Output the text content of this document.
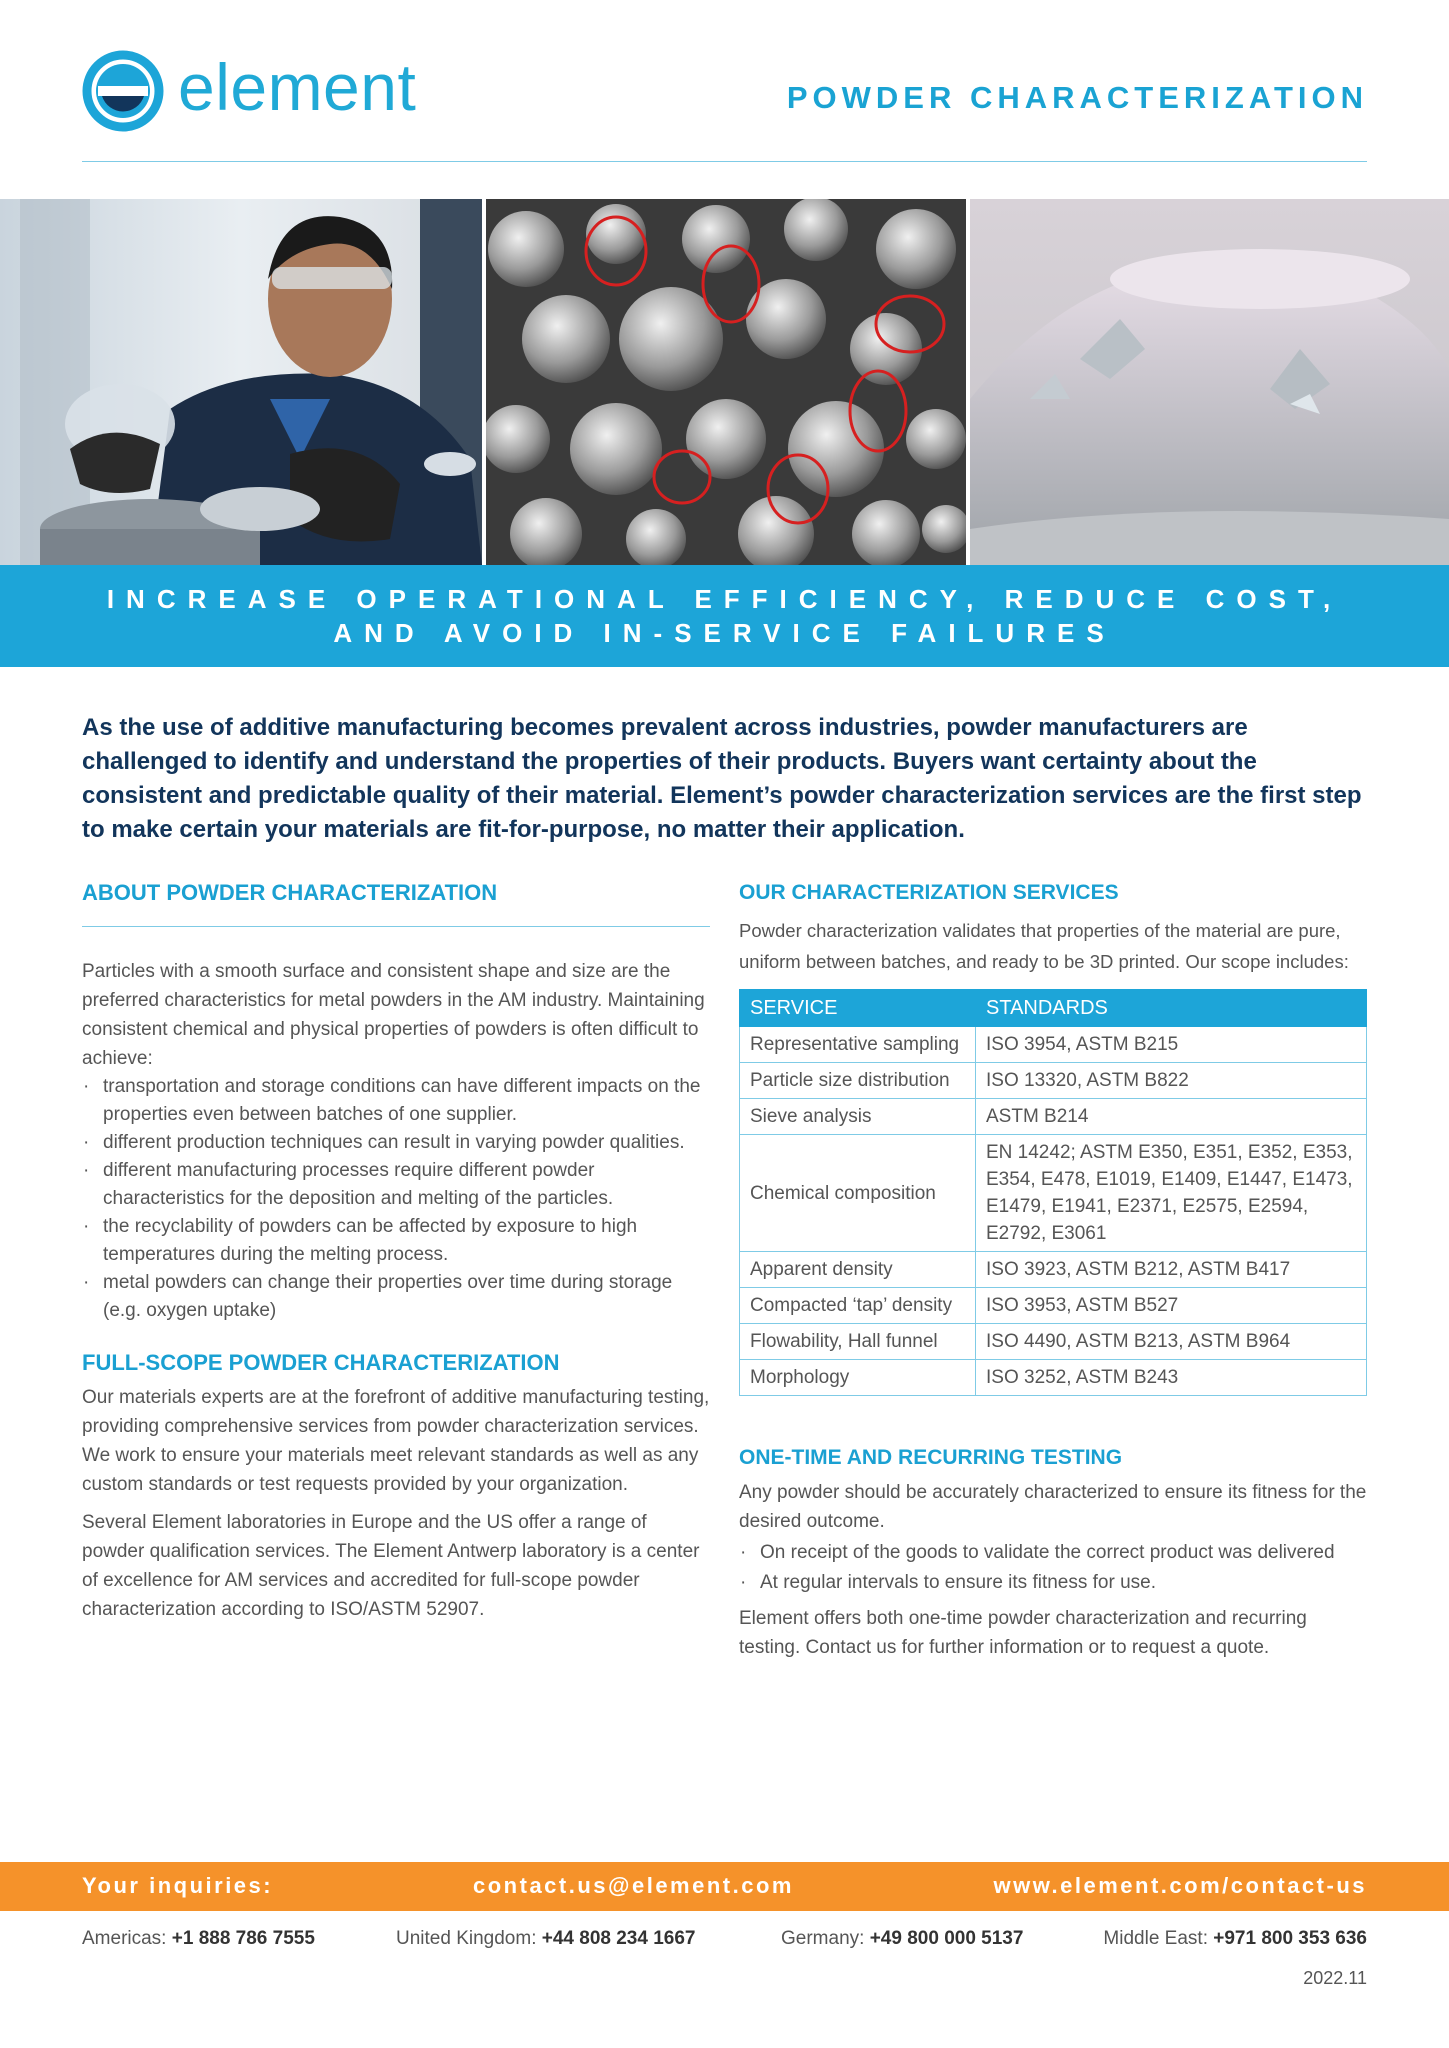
element	POWDER CHARACTERIZATION
INCREASE OPERATIONAL EFFICIENCY, REDUCE COST,
AND AVOID IN-SERVICE FAILURES

As the use of additive manufacturing becomes prevalent across industries, powder manufacturers are challenged to identify and understand the properties of their products. Buyers want certainty about the consistent and predictable quality of their material. Element’s powder characterization services are the first step to make certain your materials are fit-for-purpose, no matter their application.

ABOUT POWDER CHARACTERIZATION

Particles with a smooth surface and consistent shape and size are the preferred characteristics for metal powders in the AM industry. Maintaining consistent chemical and physical properties of powders is often difficult to achieve:

· transportation and storage conditions can have different impacts on the properties even between batches of one supplier.
· different production techniques can result in varying powder qualities.
· different manufacturing processes require different powder characteristics for the deposition and melting of the particles.
· the recyclability of powders can be affected by exposure to high temperatures during the melting process.
· metal powders can change their properties over time during storage (e.g. oxygen uptake)
FULL-SCOPE POWDER CHARACTERIZATION

Our materials experts are at the forefront of additive manufacturing testing, providing comprehensive services from powder characterization services. We work to ensure your materials meet relevant standards as well as any custom standards or test requests provided by your organization.

Several Element laboratories in Europe and the US offer a range of powder qualification services. The Element Antwerp laboratory is a center of excellence for AM services and accredited for full-scope powder characterization according to ISO/ASTM 52907.

OUR CHARACTERIZATION SERVICES

Powder characterization validates that properties of the material are pure, uniform between batches, and ready to be 3D printed. Our scope includes:

SERVICE	STANDARDS
Representative sampling	ISO 3954, ASTM B215
Particle size distribution	ISO 13320, ASTM B822
Sieve analysis	ASTM B214
Chemical composition	EN 14242; ASTM E350, E351, E352, E353, E354, E478, E1019, E1409, E1447, E1473, E1479, E1941, E2371, E2575, E2594, E2792, E3061
Apparent density	ISO 3923, ASTM B212, ASTM B417
Compacted ‘tap’ density	ISO 3953, ASTM B527
Flowability, Hall funnel	ISO 4490, ASTM B213, ASTM B964
Morphology	ISO 3252, ASTM B243
ONE-TIME AND RECURRING TESTING

Any powder should be accurately characterized to ensure its fitness for the desired outcome.

· On receipt of the goods to validate the correct product was delivered
· At regular intervals to ensure its fitness for use.

Element offers both one-time powder characterization and recurring testing. Contact us for further information or to request a quote.

Your inquiries:	contact.us@element.com	www.element.com/contact-us
Americas: +1 888 786 7555	United Kingdom: +44 808 234 1667	Germany: +49 800 000 5137	Middle East: +971 800 353 636
2022.11
